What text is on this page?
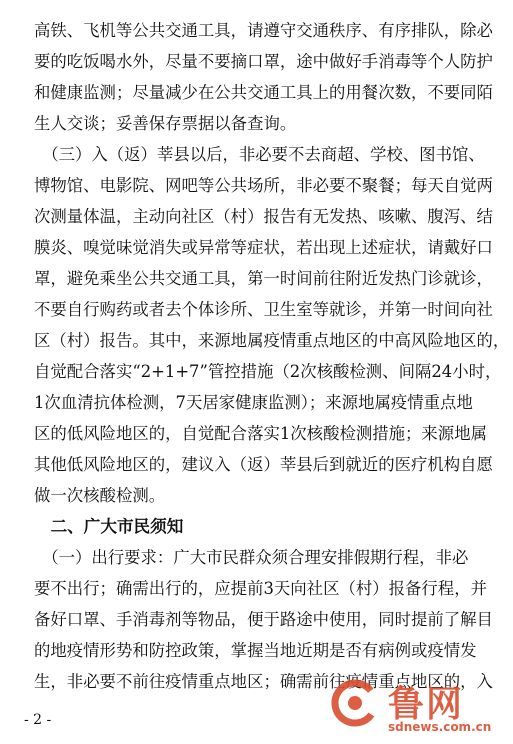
高铁、飞机等公共交通工具，请遵守交通秩序、有序排队，除必
要的吃饭喝水外，尽量不要摘口罩，途中做好手消毒等个人防护
和健康监测；尽量减少在公共交通工具上的用餐次数，不要同陌
生人交谈；妥善保存票据以备查询。
　（三）入（返）莘县以后，非必要不去商超、学校、图书馆、
博物馆、电影院、网吧等公共场所，非必要不聚餐；每天自觉两
次测量体温，主动向社区（村）报告有无发热、咳嗽、腹泻、结
膜炎、嗅觉味觉消失或异常等症状，若出现上述症状，请戴好口
罩，避免乘坐公共交通工具，第一时间前往附近发热门诊就诊，
不要自行购药或者去个体诊所、卫生室等就诊，并第一时间向社
区（村）报告。其中，来源地属疫情重点地区的中高风险地区的，
自觉配合落实“2+1+7”管控措施（2次核酸检测、间隔24小时，
1次血清抗体检测，7天居家健康监测）；来源地属疫情重点地
区的低风险地区的，自觉配合落实1次核酸检测措施；来源地属
其他低风险地区的，建议入（返）莘县后到就近的医疗机构自愿
做一次核酸检测。
　二、广大市民须知
　（一）出行要求：广大市民群众须合理安排假期行程，非必
要不出行；确需出行的，应提前3天向社区（村）报备行程，并
备好口罩、手消毒剂等物品，便于路途中使用，同时提前了解目
的地疫情形势和防控政策，掌握当地近期是否有病例或疫情发
生，非必要不前往疫情重点地区；确需前往疫情重点地区的，入
- 2 -	鲁网
sdnews.com.cn
